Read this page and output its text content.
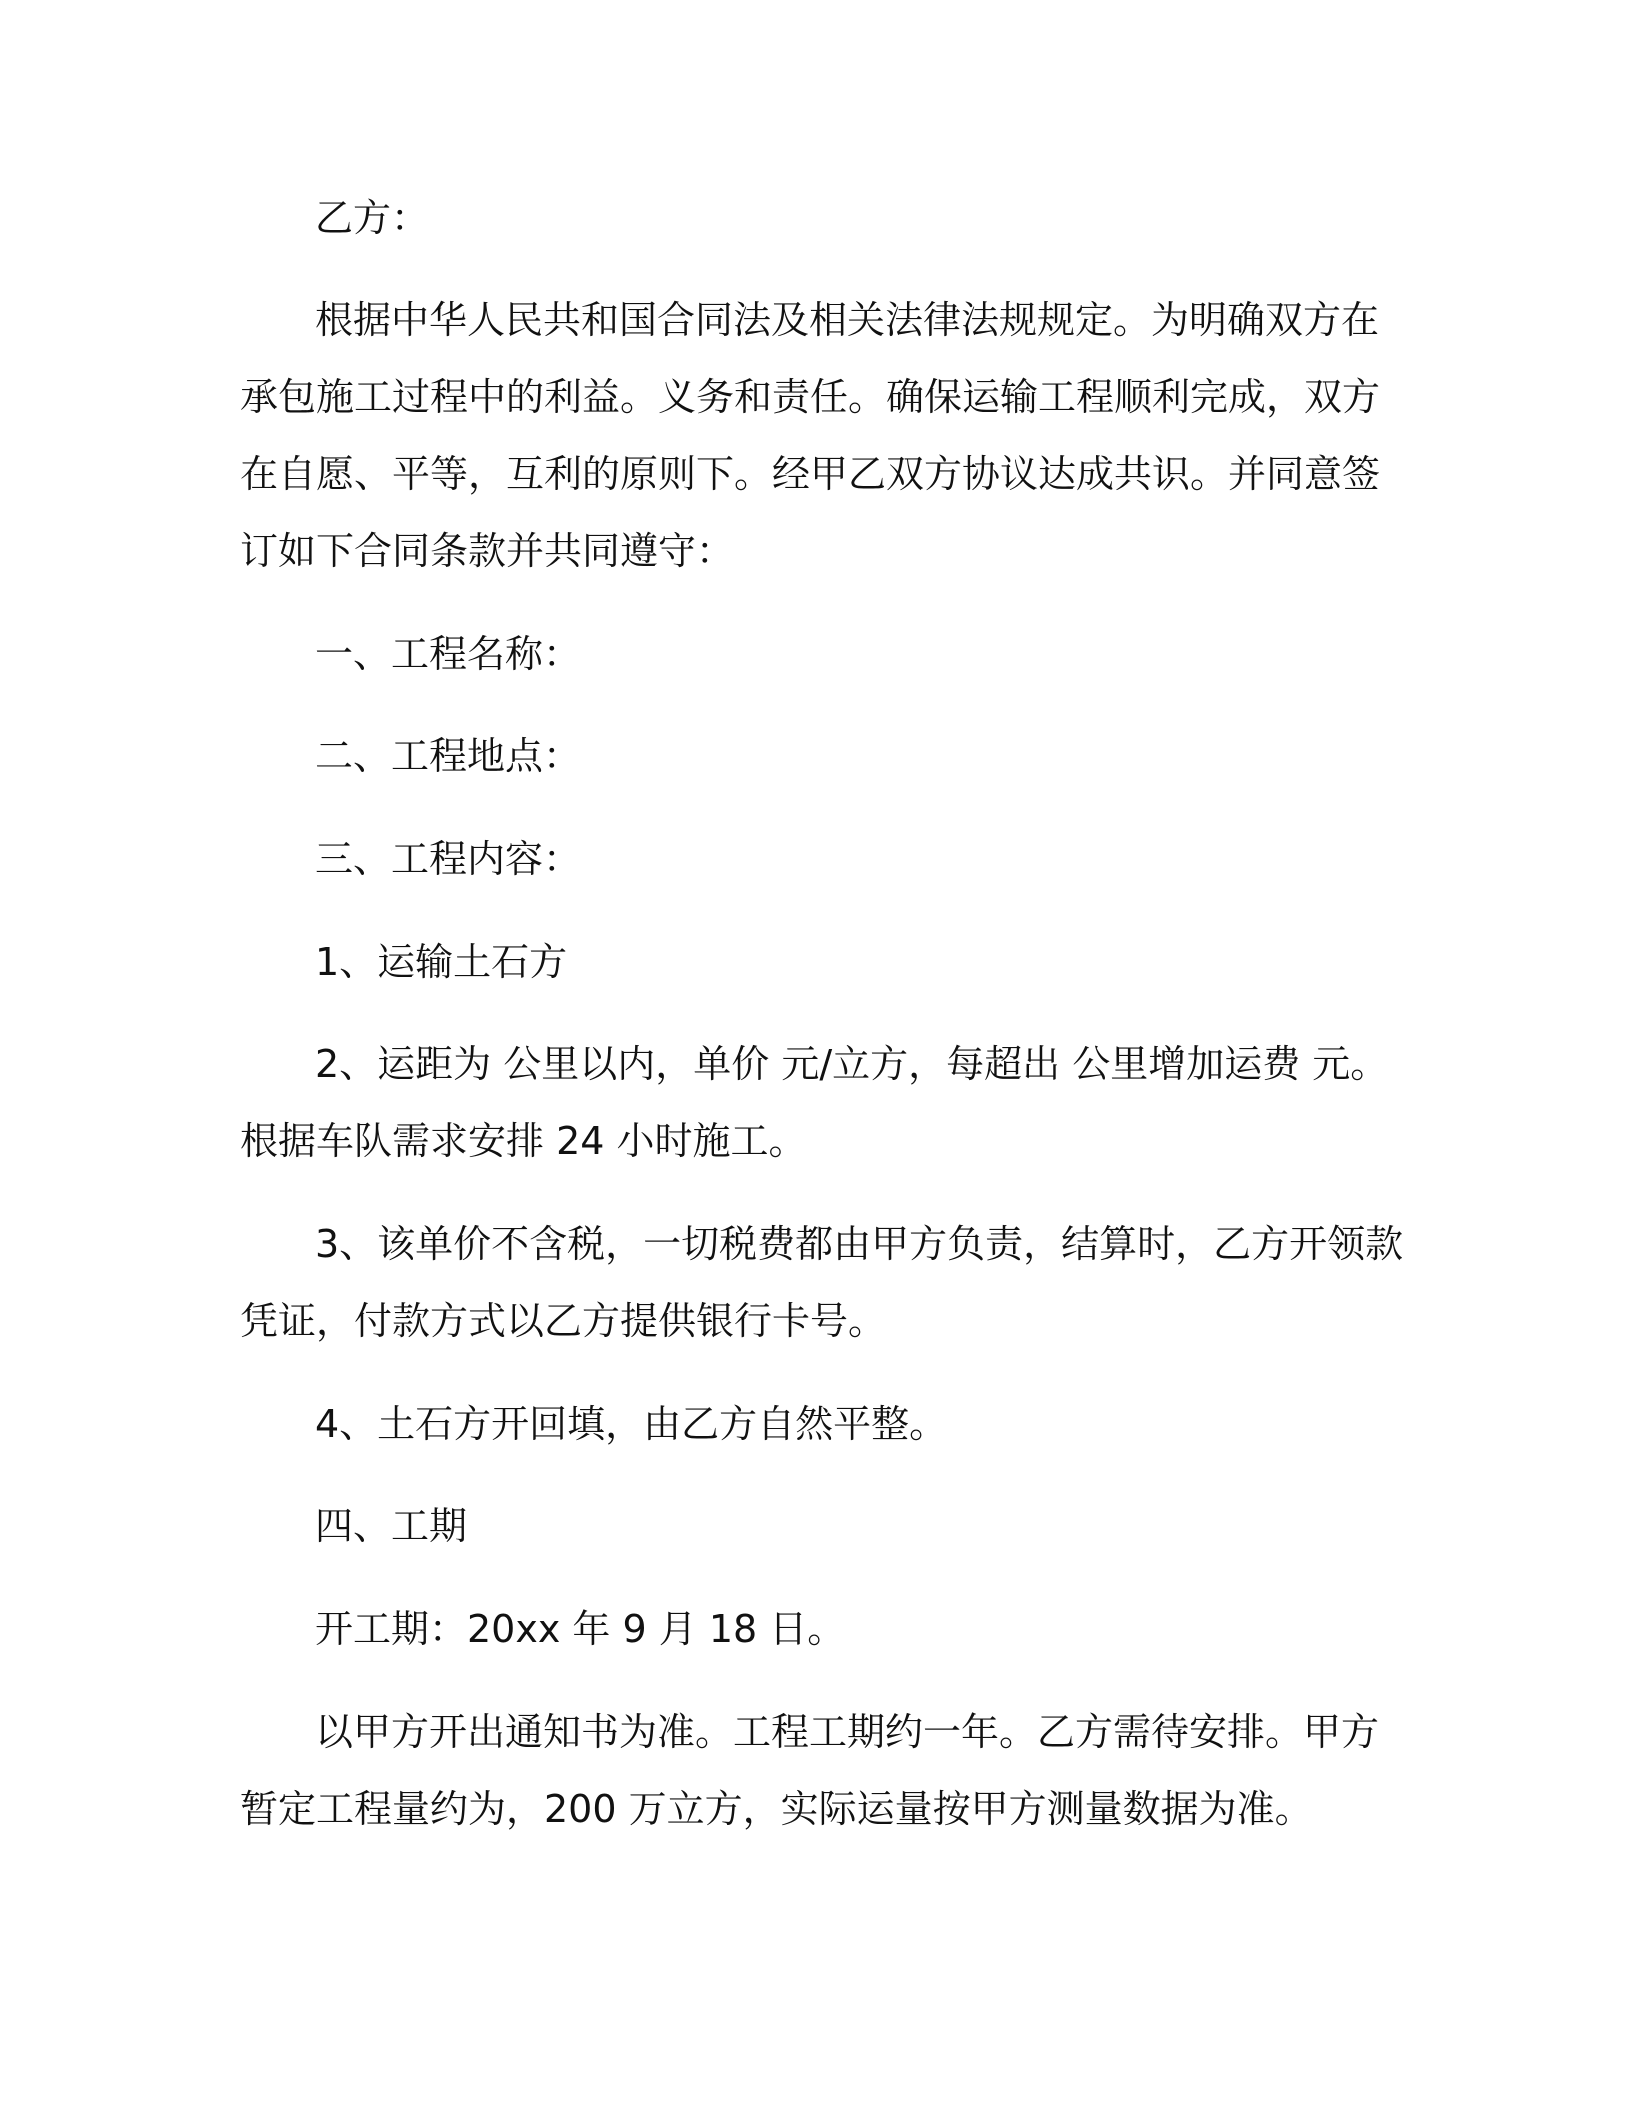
乙方：
根据中华人民共和国合同法及相关法律法规规定。为明确双方在
承包施工过程中的利益。义务和责任。确保运输工程顺利完成，双方
在自愿、平等，互利的原则下。经甲乙双方协议达成共识。并同意签
订如下合同条款并共同遵守：
一、工程名称：
二、工程地点：
三、工程内容：
1、运输土石方
2、运距为 公里以内，单价 元/立方，每超出 公里增加运费 元。
根据车队需求安排 24 小时施工。
3、该单价不含税，一切税费都由甲方负责，结算时，乙方开领款
凭证，付款方式以乙方提供银行卡号。
4、土石方开回填，由乙方自然平整。
四、工期
开工期：20xx 年 9 月 18 日。
以甲方开出通知书为准。工程工期约一年。乙方需待安排。甲方
暂定工程量约为，200 万立方，实际运量按甲方测量数据为准。
